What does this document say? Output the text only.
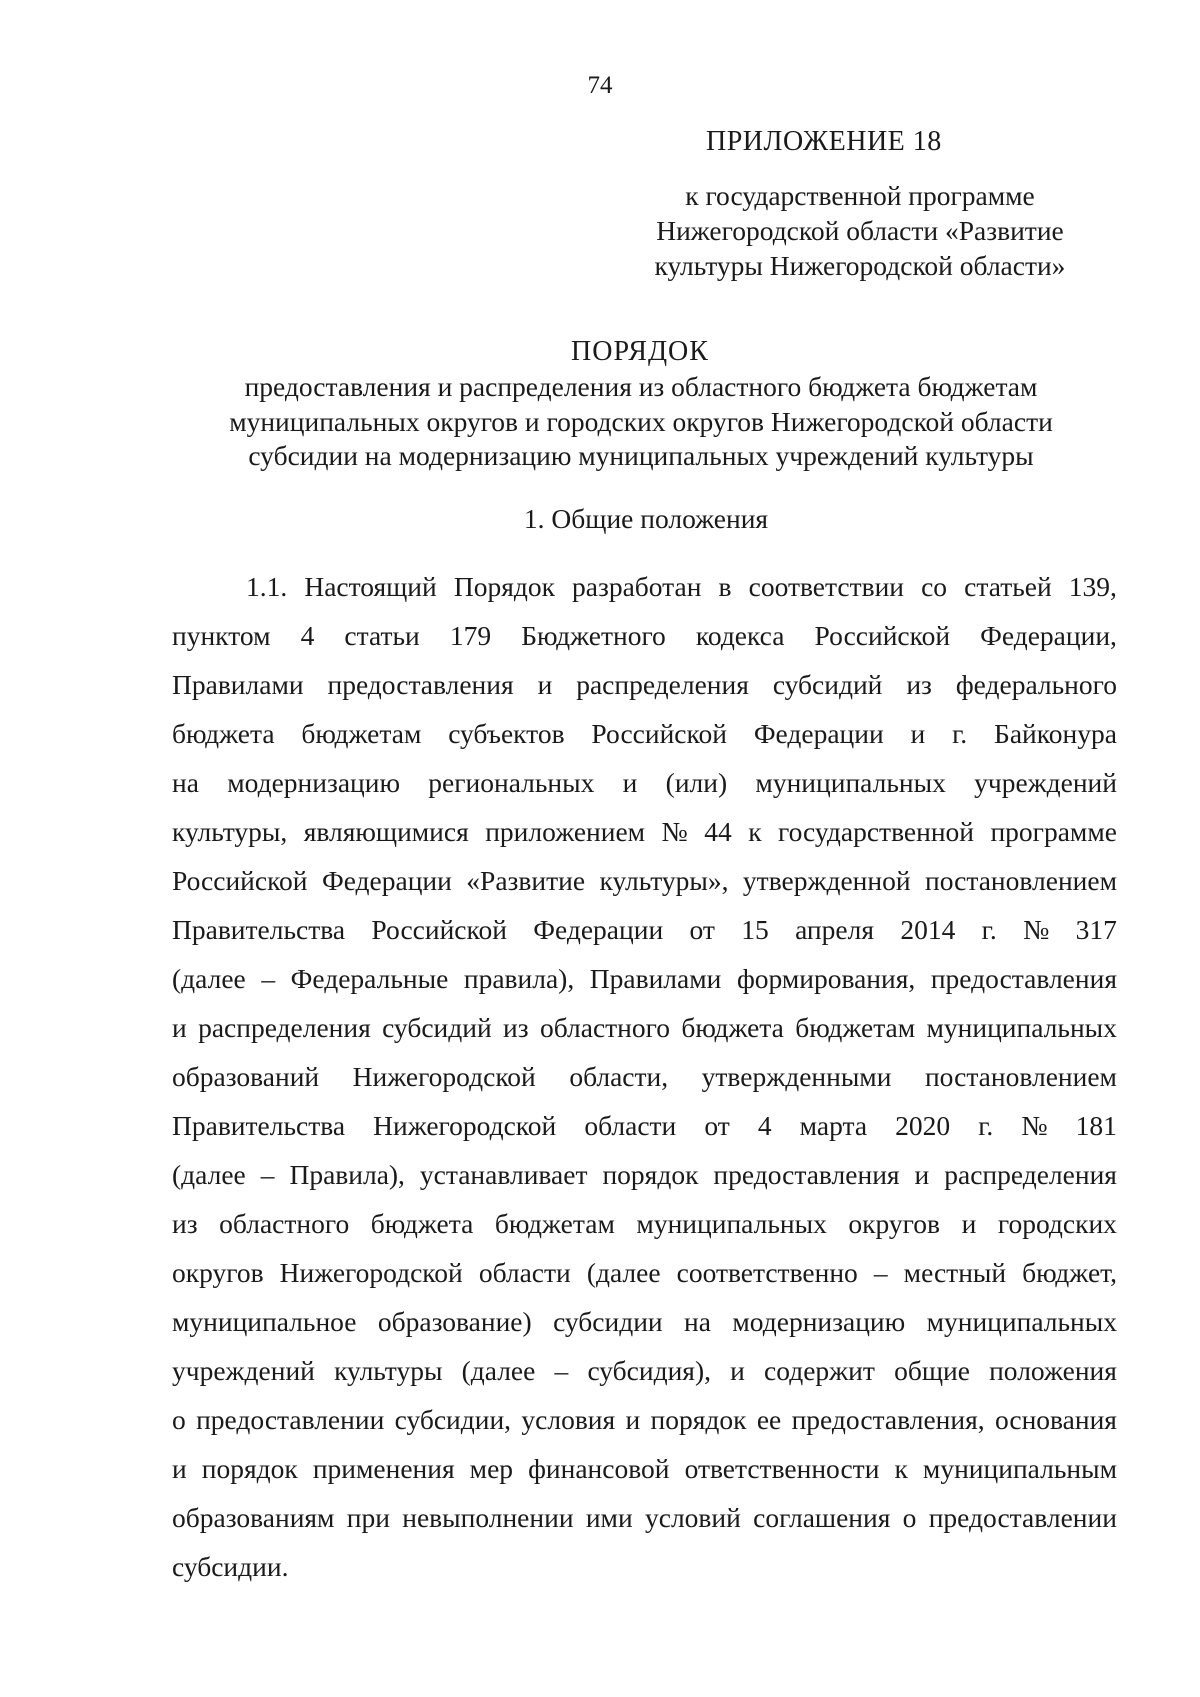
74
ПРИЛОЖЕНИЕ 18
к государственной программе
Нижегородской области «Развитие
культуры Нижегородской области»
ПОРЯДОК
предоставления и распределения из областного бюджета бюджетам
муниципальных округов и городских округов Нижегородской области
субсидии на модернизацию муниципальных учреждений культуры
1. Общие положения
1.1. Настоящий Порядок разработан в соответствии со статьей 139,
пунктом 4 статьи 179 Бюджетного кодекса Российской Федерации,
Правилами предоставления и распределения субсидий из федерального
бюджета бюджетам субъектов Российской Федерации и г. Байконура
на модернизацию региональных и (или) муниципальных учреждений
культуры, являющимися приложением № 44 к государственной программе
Российской Федерации «Развитие культуры», утвержденной постановлением
Правительства Российской Федерации от 15 апреля 2014 г. № 317
(далее – Федеральные правила), Правилами формирования, предоставления
и распределения субсидий из областного бюджета бюджетам муниципальных
образований Нижегородской области, утвержденными постановлением
Правительства Нижегородской области от 4 марта 2020 г. № 181
(далее – Правила), устанавливает порядок предоставления и распределения
из областного бюджета бюджетам муниципальных округов и городских
округов Нижегородской области (далее соответственно – местный бюджет,
муниципальное образование) субсидии на модернизацию муниципальных
учреждений культуры (далее – субсидия), и содержит общие положения
о предоставлении субсидии, условия и порядок ее предоставления, основания
и порядок применения мер финансовой ответственности к муниципальным
образованиям при невыполнении ими условий соглашения о предоставлении
субсидии.
